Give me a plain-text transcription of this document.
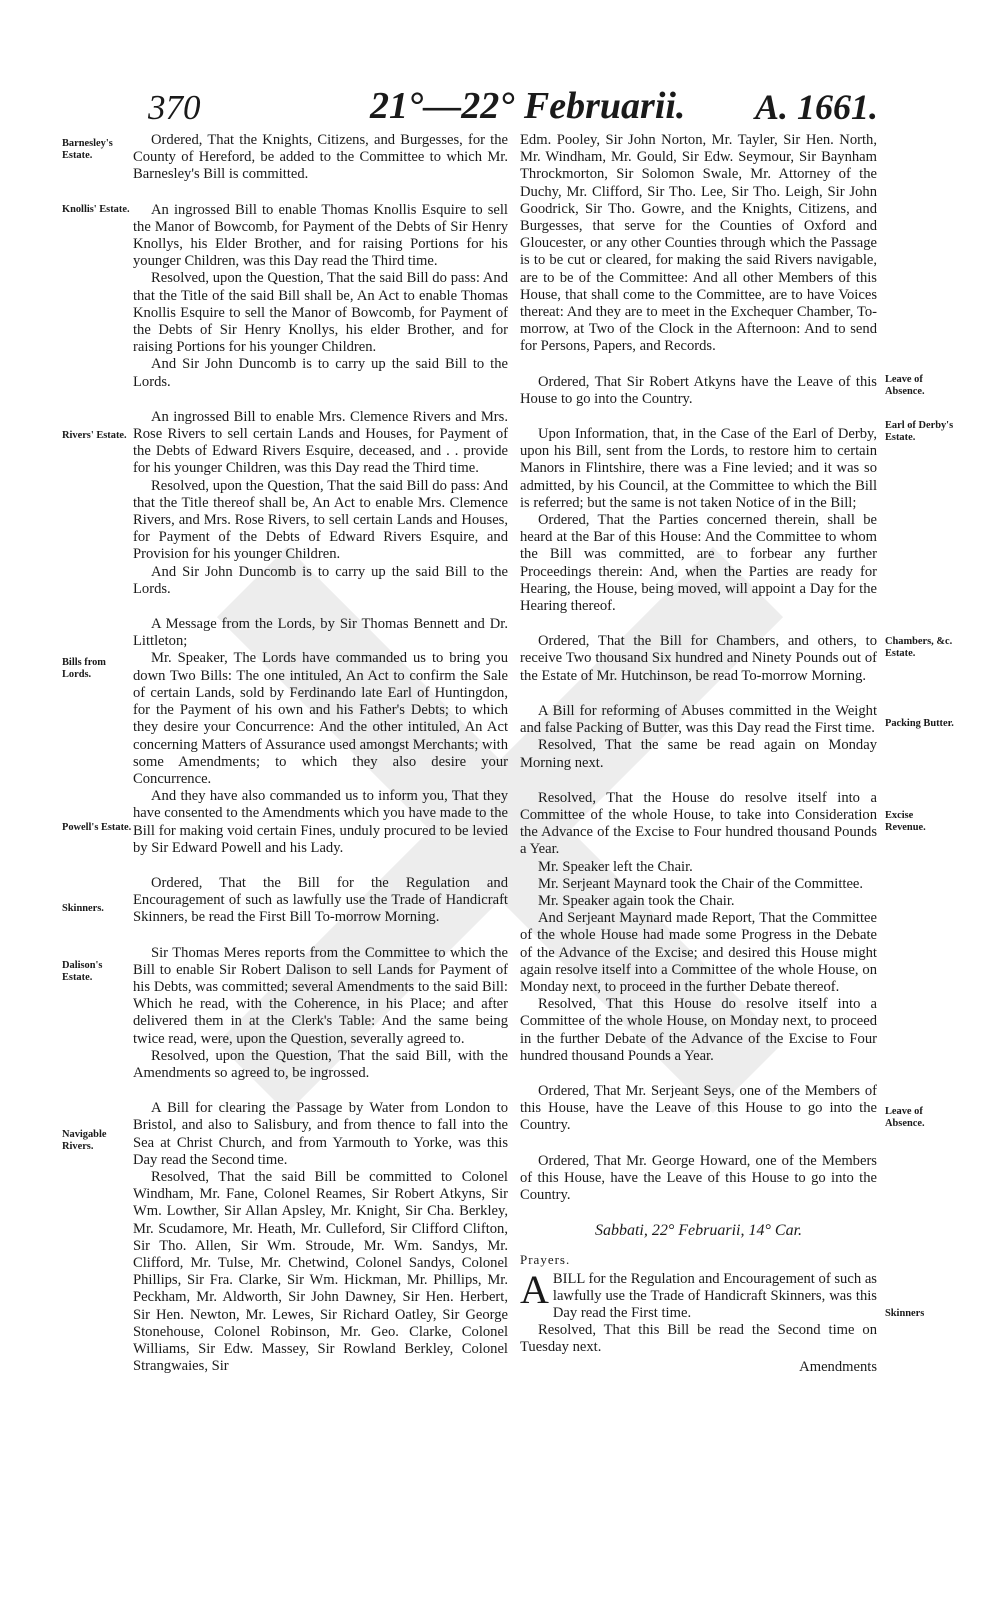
370	21°—22° Februarii. A. 1661.
Barnesley's Estate.
Knollis' Estate.
Rivers' Estate.
Bills from Lords.
Powell's Estate.
Skinners.
Dalison's Estate.
Navigable Rivers.
Leave of Absence.
Earl of Derby's Estate.
Chambers, &c. Estate.
Packing Butter.
Excise Revenue.
Leave of Absence.
Skinners

Ordered, That the Knights, Citizens, and Burgesses, for the County of Hereford, be added to the Committee to which Mr. Barnesley's Bill is committed.

An ingrossed Bill to enable Thomas Knollis Esquire to sell the Manor of Bowcomb, for Payment of the Debts of Sir Henry Knollys, his Elder Brother, and for raising Portions for his younger Children, was this Day read the Third time.

Resolved, upon the Question, That the said Bill do pass: And that the Title of the said Bill shall be, An Act to enable Thomas Knollis Esquire to sell the Manor of Bowcomb, for Payment of the Debts of Sir Henry Knollys, his elder Brother, and for raising Portions for his younger Children.

And Sir John Duncomb is to carry up the said Bill to the Lords.

An ingrossed Bill to enable Mrs. Clemence Rivers and Mrs. Rose Rivers to sell certain Lands and Houses, for Payment of the Debts of Edward Rivers Esquire, deceased, and . . provide for his younger Children, was this Day read the Third time.

Resolved, upon the Question, That the said Bill do pass: And that the Title thereof shall be, An Act to enable Mrs. Clemence Rivers, and Mrs. Rose Rivers, to sell certain Lands and Houses, for Payment of the Debts of Edward Rivers Esquire, and Provision for his younger Children.

And Sir John Duncomb is to carry up the said Bill to the Lords.

A Message from the Lords, by Sir Thomas Bennett and Dr. Littleton;

Mr. Speaker, The Lords have commanded us to bring you down Two Bills: The one intituled, An Act to confirm the Sale of certain Lands, sold by Ferdinando late Earl of Huntingdon, for the Payment of his own and his Father's Debts; to which they desire your Concurrence: And the other intituled, An Act concerning Matters of Assurance used amongst Merchants; with some Amendments; to which they also desire your Concurrence.

And they have also commanded us to inform you, That they have consented to the Amendments which you have made to the Bill for making void certain Fines, unduly procured to be levied by Sir Edward Powell and his Lady.

Ordered, That the Bill for the Regulation and Encouragement of such as lawfully use the Trade of Handicraft Skinners, be read the First Bill To-morrow Morning.

Sir Thomas Meres reports from the Committee to which the Bill to enable Sir Robert Dalison to sell Lands for Payment of his Debts, was committed; several Amendments to the said Bill: Which he read, with the Coherence, in his Place; and after delivered them in at the Clerk's Table: And the same being twice read, were, upon the Question, severally agreed to.

Resolved, upon the Question, That the said Bill, with the Amendments so agreed to, be ingrossed.

A Bill for clearing the Passage by Water from London to Bristol, and also to Salisbury, and from thence to fall into the Sea at Christ Church, and from Yarmouth to Yorke, was this Day read the Second time.

Resolved, That the said Bill be committed to Colonel Windham, Mr. Fane, Colonel Reames, Sir Robert Atkyns, Sir Wm. Lowther, Sir Allan Apsley, Mr. Knight, Sir Cha. Berkley, Mr. Scudamore, Mr. Heath, Mr. Culleford, Sir Clifford Clifton, Sir Tho. Allen, Sir Wm. Stroude, Mr. Wm. Sandys, Mr. Clifford, Mr. Tulse, Mr. Chetwind, Colonel Sandys, Colonel Phillips, Sir Fra. Clarke, Sir Wm. Hickman, Mr. Phillips, Mr. Peckham, Mr. Aldworth, Sir John Dawney, Sir Hen. Herbert, Sir Hen. Newton, Mr. Lewes, Sir Richard Oatley, Sir George Stonehouse, Colonel Robinson, Mr. Geo. Clarke, Colonel Williams, Sir Edw. Massey, Sir Rowland Berkley, Colonel Strangwaies, Sir

Edm. Pooley, Sir John Norton, Mr. Tayler, Sir Hen. North, Mr. Windham, Mr. Gould, Sir Edw. Seymour, Sir Baynham Throckmorton, Sir Solomon Swale, Mr. Attorney of the Duchy, Mr. Clifford, Sir Tho. Lee, Sir Tho. Leigh, Sir John Goodrick, Sir Tho. Gowre, and the Knights, Citizens, and Burgesses, that serve for the Counties of Oxford and Gloucester, or any other Counties through which the Passage is to be cut or cleared, for making the said Rivers navigable, are to be of the Committee: And all other Members of this House, that shall come to the Committee, are to have Voices thereat: And they are to meet in the Exchequer Chamber, To-morrow, at Two of the Clock in the Afternoon: And to send for Persons, Papers, and Records.

Ordered, That Sir Robert Atkyns have the Leave of this House to go into the Country.

Upon Information, that, in the Case of the Earl of Derby, upon his Bill, sent from the Lords, to restore him to certain Manors in Flintshire, there was a Fine levied; and it was so admitted, by his Council, at the Committee to which the Bill is referred; but the same is not taken Notice of in the Bill;

Ordered, That the Parties concerned therein, shall be heard at the Bar of this House: And the Committee to whom the Bill was committed, are to forbear any further Proceedings therein: And, when the Parties are ready for Hearing, the House, being moved, will appoint a Day for the Hearing thereof.

Ordered, That the Bill for Chambers, and others, to receive Two thousand Six hundred and Ninety Pounds out of the Estate of Mr. Hutchinson, be read To-morrow Morning.

A Bill for reforming of Abuses committed in the Weight and false Packing of Butter, was this Day read the First time.

Resolved, That the same be read again on Monday Morning next.

Resolved, That the House do resolve itself into a Committee of the whole House, to take into Consideration the Advance of the Excise to Four hundred thousand Pounds a Year.

Mr. Speaker left the Chair.

Mr. Serjeant Maynard took the Chair of the Committee.

Mr. Speaker again took the Chair.

And Serjeant Maynard made Report, That the Committee of the whole House had made some Progress in the Debate of the Advance of the Excise; and desired this House might again resolve itself into a Committee of the whole House, on Monday next, to proceed in the further Debate thereof.

Resolved, That this House do resolve itself into a Committee of the whole House, on Monday next, to proceed in the further Debate of the Advance of the Excise to Four hundred thousand Pounds a Year.

Ordered, That Mr. Serjeant Seys, one of the Members of this House, have the Leave of this House to go into the Country.

Ordered, That Mr. George Howard, one of the Members of this House, have the Leave of this House to go into the Country.

Sabbati, 22° Februarii, 14° Car.
Prayers.

ABILL for the Regulation and Encouragement of such as lawfully use the Trade of Handicraft Skinners, was this Day read the First time.

Resolved, That this Bill be read the Second time on Tuesday next.

Amendments
